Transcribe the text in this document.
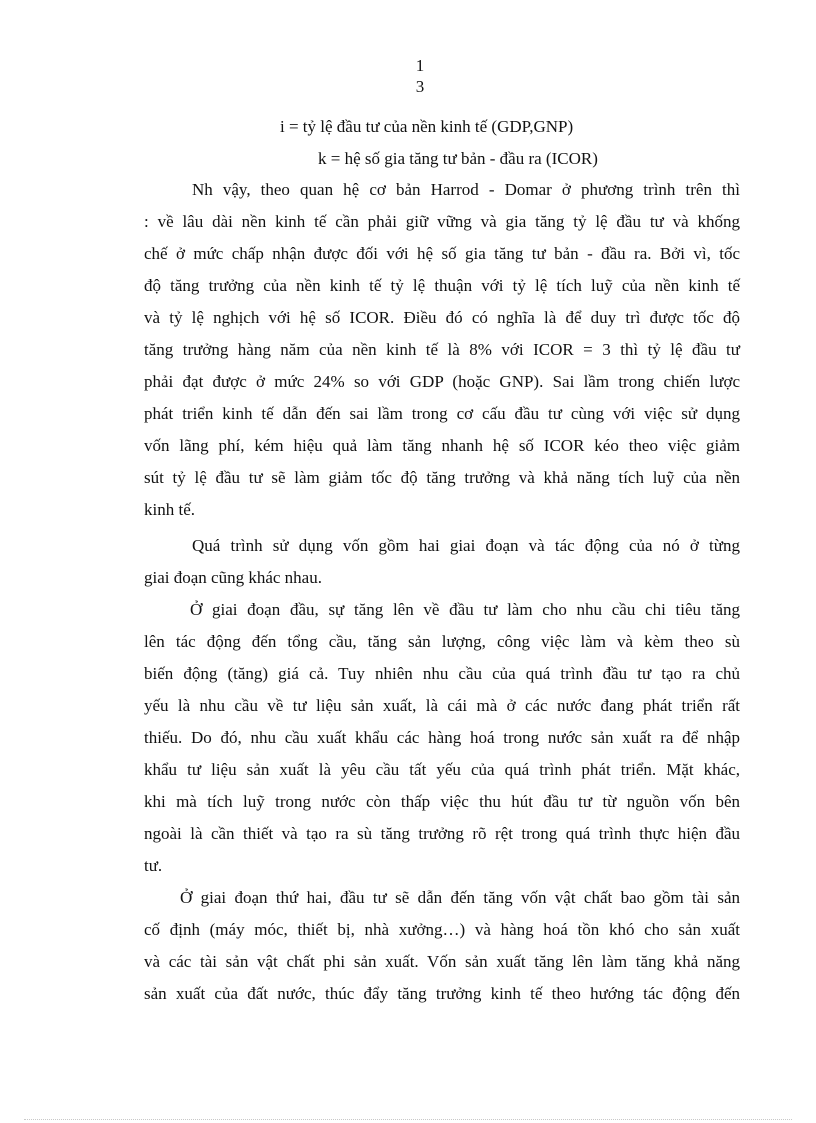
1
3
i = tỷ lệ đầu tư của nền kinh tế (GDP,GNP)
k = hệ số gia tăng tư bản - đầu ra (ICOR)
Nh vậy, theo quan hệ cơ bản Harrod - Domar ở phương trình trên thì
: về lâu dài nền kinh tế cần phải giữ vững và gia tăng tỷ lệ đầu tư và khống
chế ở mức chấp nhận được đối với hệ số gia tăng tư bản - đầu ra. Bởi vì, tốc
độ tăng trưởng của nền kinh tế tỷ lệ thuận với tỷ lệ tích luỹ của nền kinh tế
và tỷ lệ nghịch với hệ số ICOR. Điều đó có nghĩa là để duy trì được tốc độ
tăng trưởng hàng năm của nền kinh tế là 8% với ICOR = 3 thì tỷ lệ đầu tư
phải đạt được ở mức 24% so với GDP (hoặc GNP). Sai lầm trong chiến lược
phát triển kinh tế dẫn đến sai lầm trong cơ cấu đầu tư cùng với việc sử dụng
vốn lãng phí, kém hiệu quả làm tăng nhanh hệ số ICOR kéo theo việc giảm
sút tỷ lệ đầu tư sẽ làm giảm tốc độ tăng trưởng và khả năng tích luỹ của nền
kinh tế.
Quá trình sử dụng vốn gồm hai giai đoạn và tác động của nó ở từng
giai đoạn cũng khác nhau.
Ở giai đoạn đầu, sự tăng lên về đầu tư làm cho nhu cầu chi tiêu tăng
lên tác động đến tổng cầu, tăng sản lượng, công việc làm và kèm theo sù
biến động (tăng) giá cả. Tuy nhiên nhu cầu của quá trình đầu tư tạo ra chủ
yếu là nhu cầu về tư liệu sản xuất, là cái mà ở các nước đang phát triển rất
thiếu. Do đó, nhu cầu xuất khẩu các hàng hoá trong nước sản xuất ra để nhập
khẩu tư liệu sản xuất là yêu cầu tất yếu của quá trình phát triển. Mặt khác,
khi mà tích luỹ trong nước còn thấp việc thu hút đầu tư từ nguồn vốn bên
ngoài là cần thiết và tạo ra sù tăng trưởng rõ rệt trong quá trình thực hiện đầu
tư.
Ở giai đoạn thứ hai, đầu tư sẽ dẫn đến tăng vốn vật chất bao gồm tài sản
cố định (máy móc, thiết bị, nhà xưởng…) và hàng hoá tồn khó cho sản xuất
và các tài sản vật chất phi sản xuất. Vốn sản xuất tăng lên làm tăng khả năng
sản xuất của đất nước, thúc đẩy tăng trưởng kinh tế theo hướng tác động đến
